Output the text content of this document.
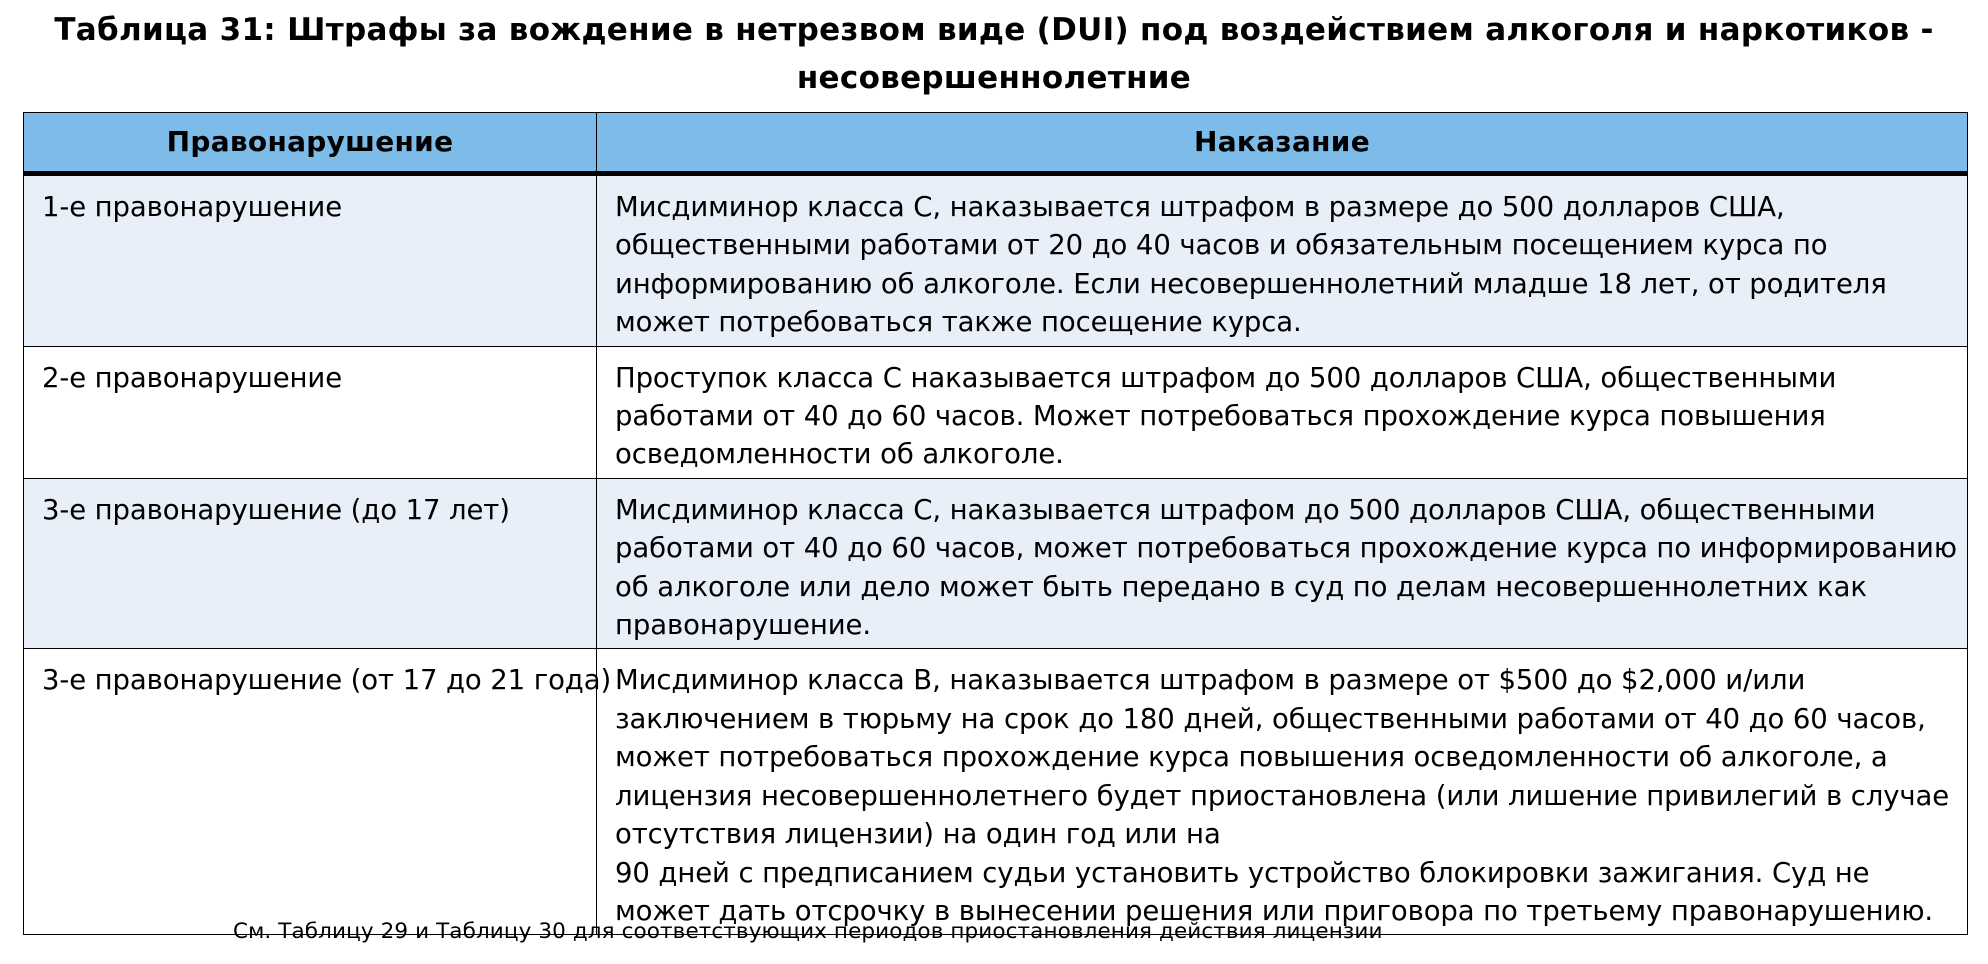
Таблица 31: Штрафы за вождение в нетрезвом виде (DUI) под воздействием алкоголя и наркотиков -
несовершеннолетние
Правонарушение	Наказание
1-е правонарушение	Мисдиминор класса С, наказывается штрафом в размере до 500 долларов США, общественными работами от 20 до 40 часов и обязательным посещением курса по информированию об алкоголе. Если несовершеннолетний младше 18 лет, от родителя может потребоваться также посещение курса.
2-е правонарушение	Проступок класса С наказывается штрафом до 500 долларов США, общественными работами от 40 до 60 часов. Может потребоваться прохождение курса повышения осведомленности об алкоголе.
3-е правонарушение (до 17 лет)	Мисдиминор класса С, наказывается штрафом до 500 долларов США, общественными работами от 40 до 60 часов, может потребоваться прохождение курса по информированию об алкоголе или дело может быть передано в суд по делам несовершеннолетних как правонарушение.
3-е правонарушение (от 17 до 21 года)	Мисдиминор класса В, наказывается штрафом в размере от $500 до $2,000 и/или заключением в тюрьму на срок до 180 дней, общественными работами от 40 до 60 часов, может потребоваться прохождение курса повышения осведомленности об алкоголе, а лицензия несовершеннолетнего будет приостановлена (или лишение привилегий в случае отсутствия лицензии) на один год или на
90 дней с предписанием судьи установить устройство блокировки зажигания. Суд не может дать отсрочку в вынесении решения или приговора по третьему правонарушению.
См. Таблицу 29 и Таблицу 30 для соответствующих периодов приостановления действия лицензии
